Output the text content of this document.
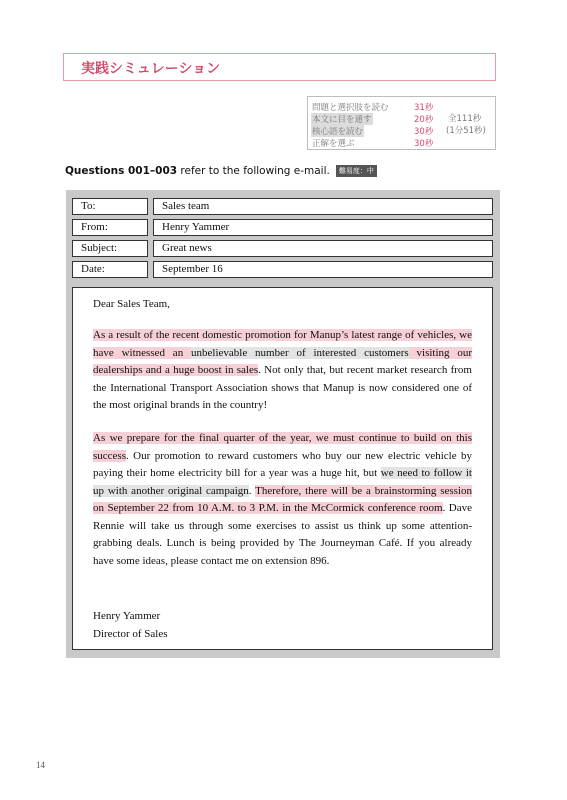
実践シミュレーション
問題と選択肢を読む	31秒
本文に目を通す	20秒
核心語を読む	30秒
正解を選ぶ	30秒
全111秒
(1分51秒)
Questions 001–003 refer to the following e-mail. 難易度：中
To:	Sales team
From:	Henry Yammer
Subject:	Great news
Date:	September 16
Dear Sales Team,
As a result of the recent domestic promotion for Manup’s latest range of vehicles, we have witnessed an unbelievable number of interested customers visiting our dealerships and a huge boost in sales. Not only that, but recent market research from the International Transport Association shows that Manup is now considered one of the most original brands in the country!
As we prepare for the final quarter of the year, we must continue to build on this success. Our promotion to reward customers who buy our new electric vehicle by paying their home electricity bill for a year was a huge hit, but we need to follow it up with another original campaign. Therefore, there will be a brainstorming session on September 22 from 10 A.M. to 3 P.M. in the McCormick conference room. Dave Rennie will take us through some exercises to assist us think up some attention-grabbing deals. Lunch is being provided by The Journeyman Café. If you already have some ideas, please contact me on extension 896.
Henry Yammer
Director of Sales
14
